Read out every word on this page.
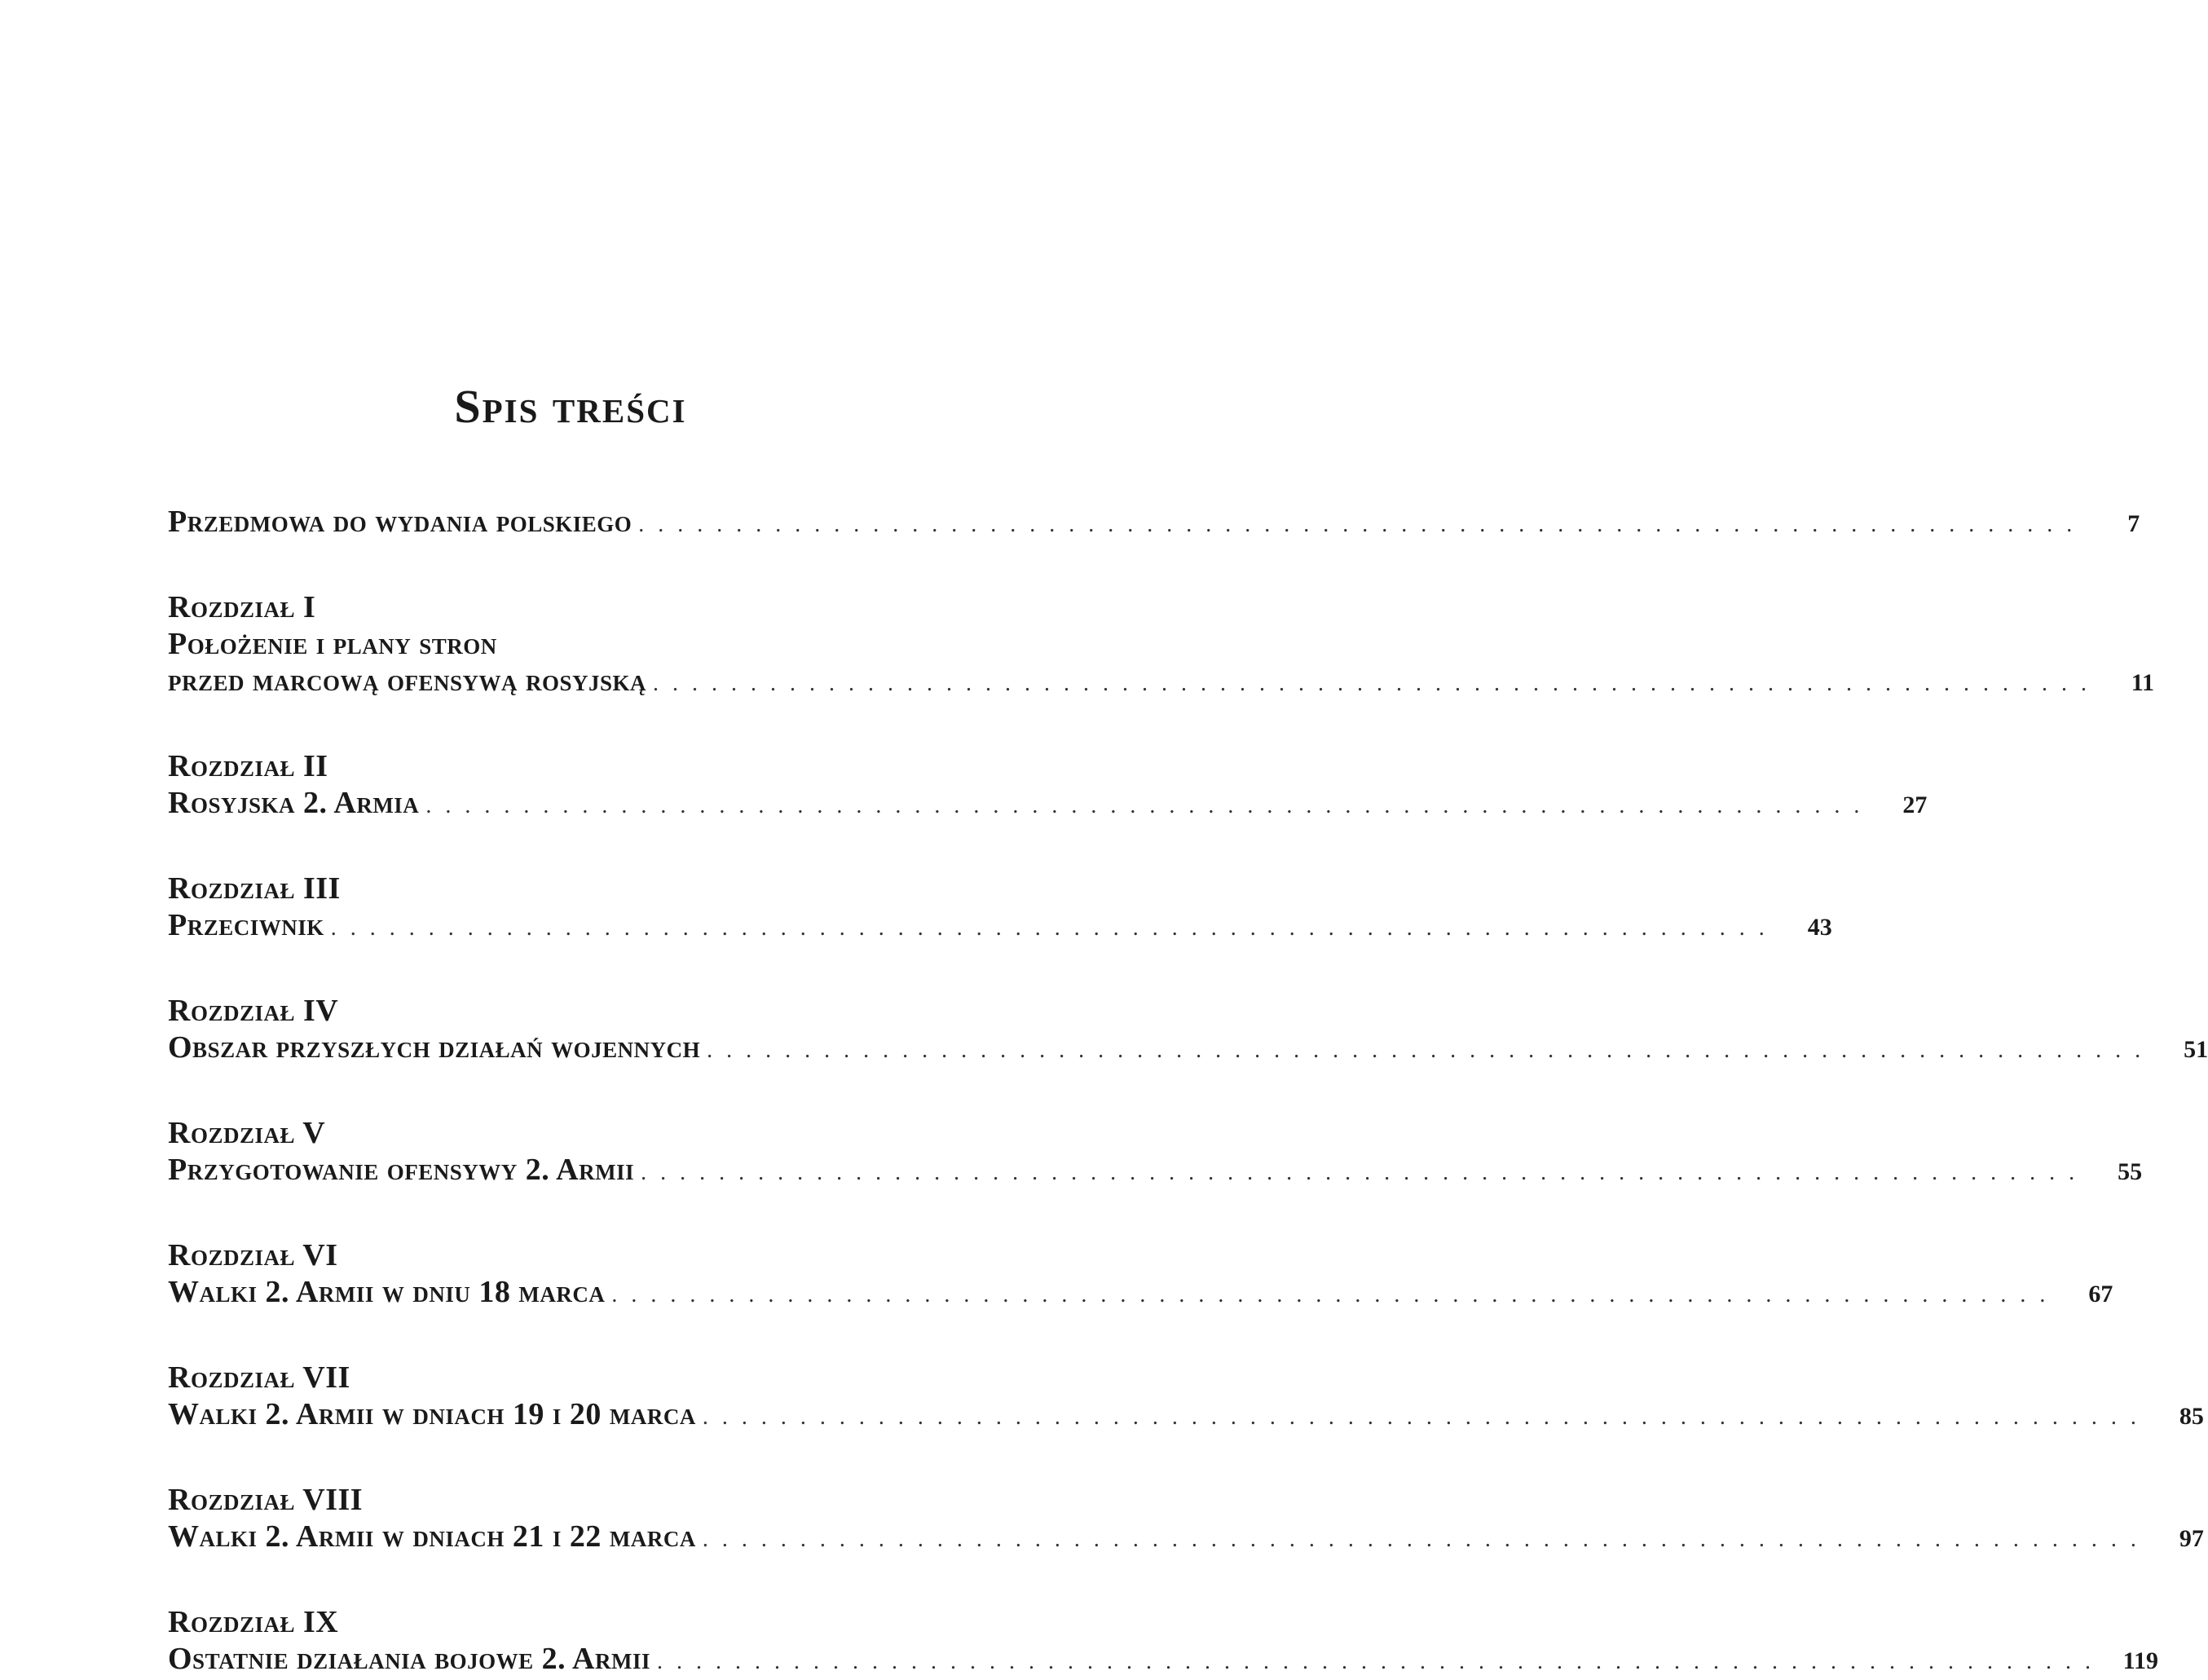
Spis treści
Przedmowa do wydania polskiego . . . . . . . . . . . . . . . . . . . . . . . . . . . . . . . . . . . . . . . . . . . . . . . . . . . . . . . . . . . . . . . . . . . . . . . . . .	7
Rozdział I
Położenie i plany stron
przed marcową ofensywą rosyjską . . . . . . . . . . . . . . . . . . . . . . . . . . . . . . . . . . . . . . . . . . . . . . . . . . . . . . . . . . . . . . . . . . . . . . . . . .	11
Rozdział II
Rosyjska 2. Armia . . . . . . . . . . . . . . . . . . . . . . . . . . . . . . . . . . . . . . . . . . . . . . . . . . . . . . . . . . . . . . . . . . . . . . . . . .	27
Rozdział III
Przeciwnik . . . . . . . . . . . . . . . . . . . . . . . . . . . . . . . . . . . . . . . . . . . . . . . . . . . . . . . . . . . . . . . . . . . . . . . . . .	43
Rozdział IV
Obszar przyszłych działań wojennych . . . . . . . . . . . . . . . . . . . . . . . . . . . . . . . . . . . . . . . . . . . . . . . . . . . . . . . . . . . . . . . . . . . . . . . . . .	51
Rozdział V
Przygotowanie ofensywy 2. Armii . . . . . . . . . . . . . . . . . . . . . . . . . . . . . . . . . . . . . . . . . . . . . . . . . . . . . . . . . . . . . . . . . . . . . . . . . .	55
Rozdział VI
Walki 2. Armii w dniu 18 marca . . . . . . . . . . . . . . . . . . . . . . . . . . . . . . . . . . . . . . . . . . . . . . . . . . . . . . . . . . . . . . . . . . . . . . . . . .	67
Rozdział VII
Walki 2. Armii w dniach 19 i 20 marca . . . . . . . . . . . . . . . . . . . . . . . . . . . . . . . . . . . . . . . . . . . . . . . . . . . . . . . . . . . . . . . . . . . . . . . . . .	85
Rozdział VIII
Walki 2. Armii w dniach 21 i 22 marca . . . . . . . . . . . . . . . . . . . . . . . . . . . . . . . . . . . . . . . . . . . . . . . . . . . . . . . . . . . . . . . . . . . . . . . . . .	97
Rozdział IX
Ostatnie działania bojowe 2. Armii . . . . . . . . . . . . . . . . . . . . . . . . . . . . . . . . . . . . . . . . . . . . . . . . . . . . . . . . . . . . . . . . . . . . . . . . . .	119
